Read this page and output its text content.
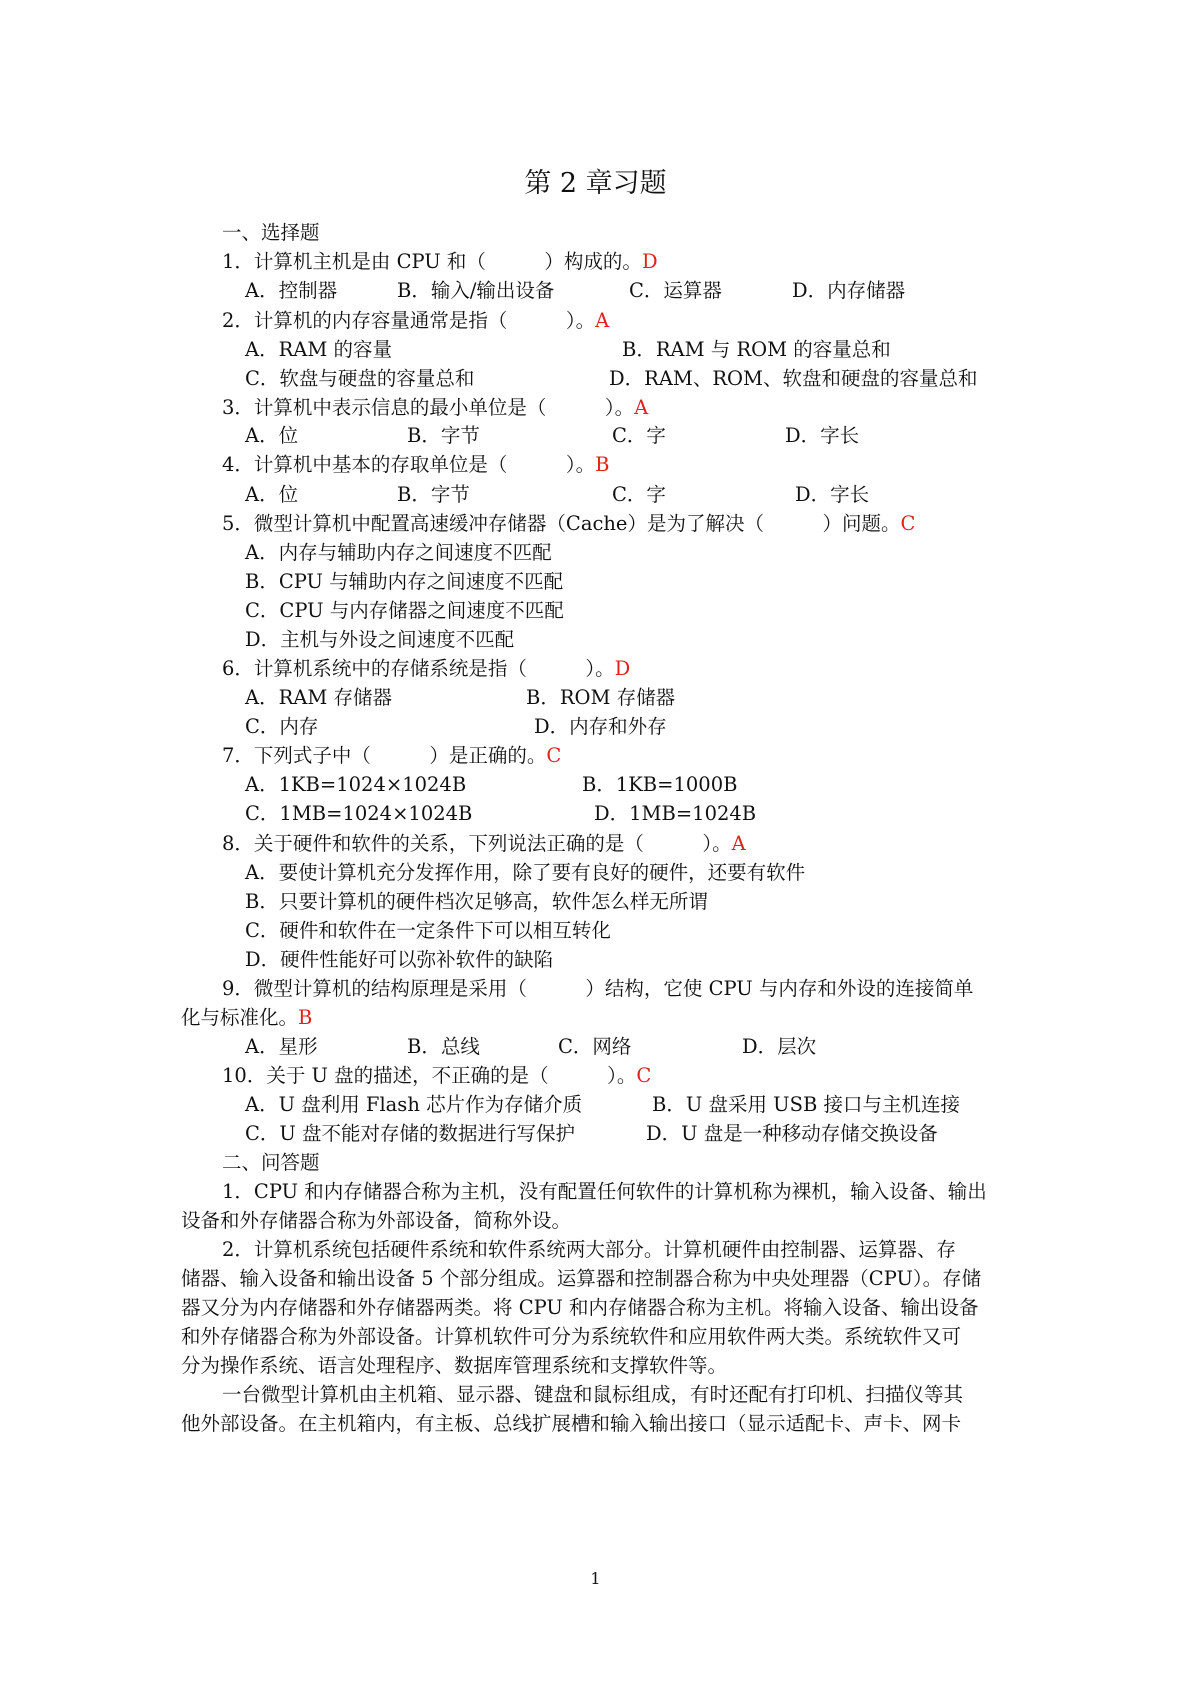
第 2 章习题
一、选择题
1．计算机主机是由 CPU 和（　　　）构成的。D
A．控制器	B．输入/输出设备	C．运算器	D．内存储器
2．计算机的内存容量通常是指（　　　）。A
A．RAM 的容量	B．RAM 与 ROM 的容量总和
C．软盘与硬盘的容量总和	D．RAM、ROM、软盘和硬盘的容量总和
3．计算机中表示信息的最小单位是（　　　）。A
A．位	B．字节	C．字	D．字长
4．计算机中基本的存取单位是（　　　）。B
A．位	B．字节	C．字	D．字长
5．微型计算机中配置高速缓冲存储器（Cache）是为了解决（　　　）问题。C
A．内存与辅助内存之间速度不匹配
B．CPU 与辅助内存之间速度不匹配
C．CPU 与内存储器之间速度不匹配
D．主机与外设之间速度不匹配
6．计算机系统中的存储系统是指（　　　）。D
A．RAM 存储器	B．ROM 存储器
C．内存	D．内存和外存
7．下列式子中（　　　）是正确的。C
A．1KB=1024×1024B	B．1KB=1000B
C．1MB=1024×1024B	D．1MB=1024B
8．关于硬件和软件的关系，下列说法正确的是（　　　）。A
A．要使计算机充分发挥作用，除了要有良好的硬件，还要有软件
B．只要计算机的硬件档次足够高，软件怎么样无所谓
C．硬件和软件在一定条件下可以相互转化
D．硬件性能好可以弥补软件的缺陷
9．微型计算机的结构原理是采用（　　　）结构，它使 CPU 与内存和外设的连接简单
化与标准化。B
A．星形	B．总线	C．网络	D．层次
10．关于 U 盘的描述，不正确的是（　　　）。C
A．U 盘利用 Flash 芯片作为存储介质	B．U 盘采用 USB 接口与主机连接
C．U 盘不能对存储的数据进行写保护	D．U 盘是一种移动存储交换设备
二、问答题
1．CPU 和内存储器合称为主机，没有配置任何软件的计算机称为裸机，输入设备、输出
设备和外存储器合称为外部设备，简称外设。
2．计算机系统包括硬件系统和软件系统两大部分。计算机硬件由控制器、运算器、存
储器、输入设备和输出设备 5 个部分组成。运算器和控制器合称为中央处理器（CPU）。存储
器又分为内存储器和外存储器两类。将 CPU 和内存储器合称为主机。将输入设备、输出设备
和外存储器合称为外部设备。计算机软件可分为系统软件和应用软件两大类。系统软件又可
分为操作系统、语言处理程序、数据库管理系统和支撑软件等。
一台微型计算机由主机箱、显示器、键盘和鼠标组成，有时还配有打印机、扫描仪等其
他外部设备。在主机箱内，有主板、总线扩展槽和输入输出接口（显示适配卡、声卡、网卡
1
